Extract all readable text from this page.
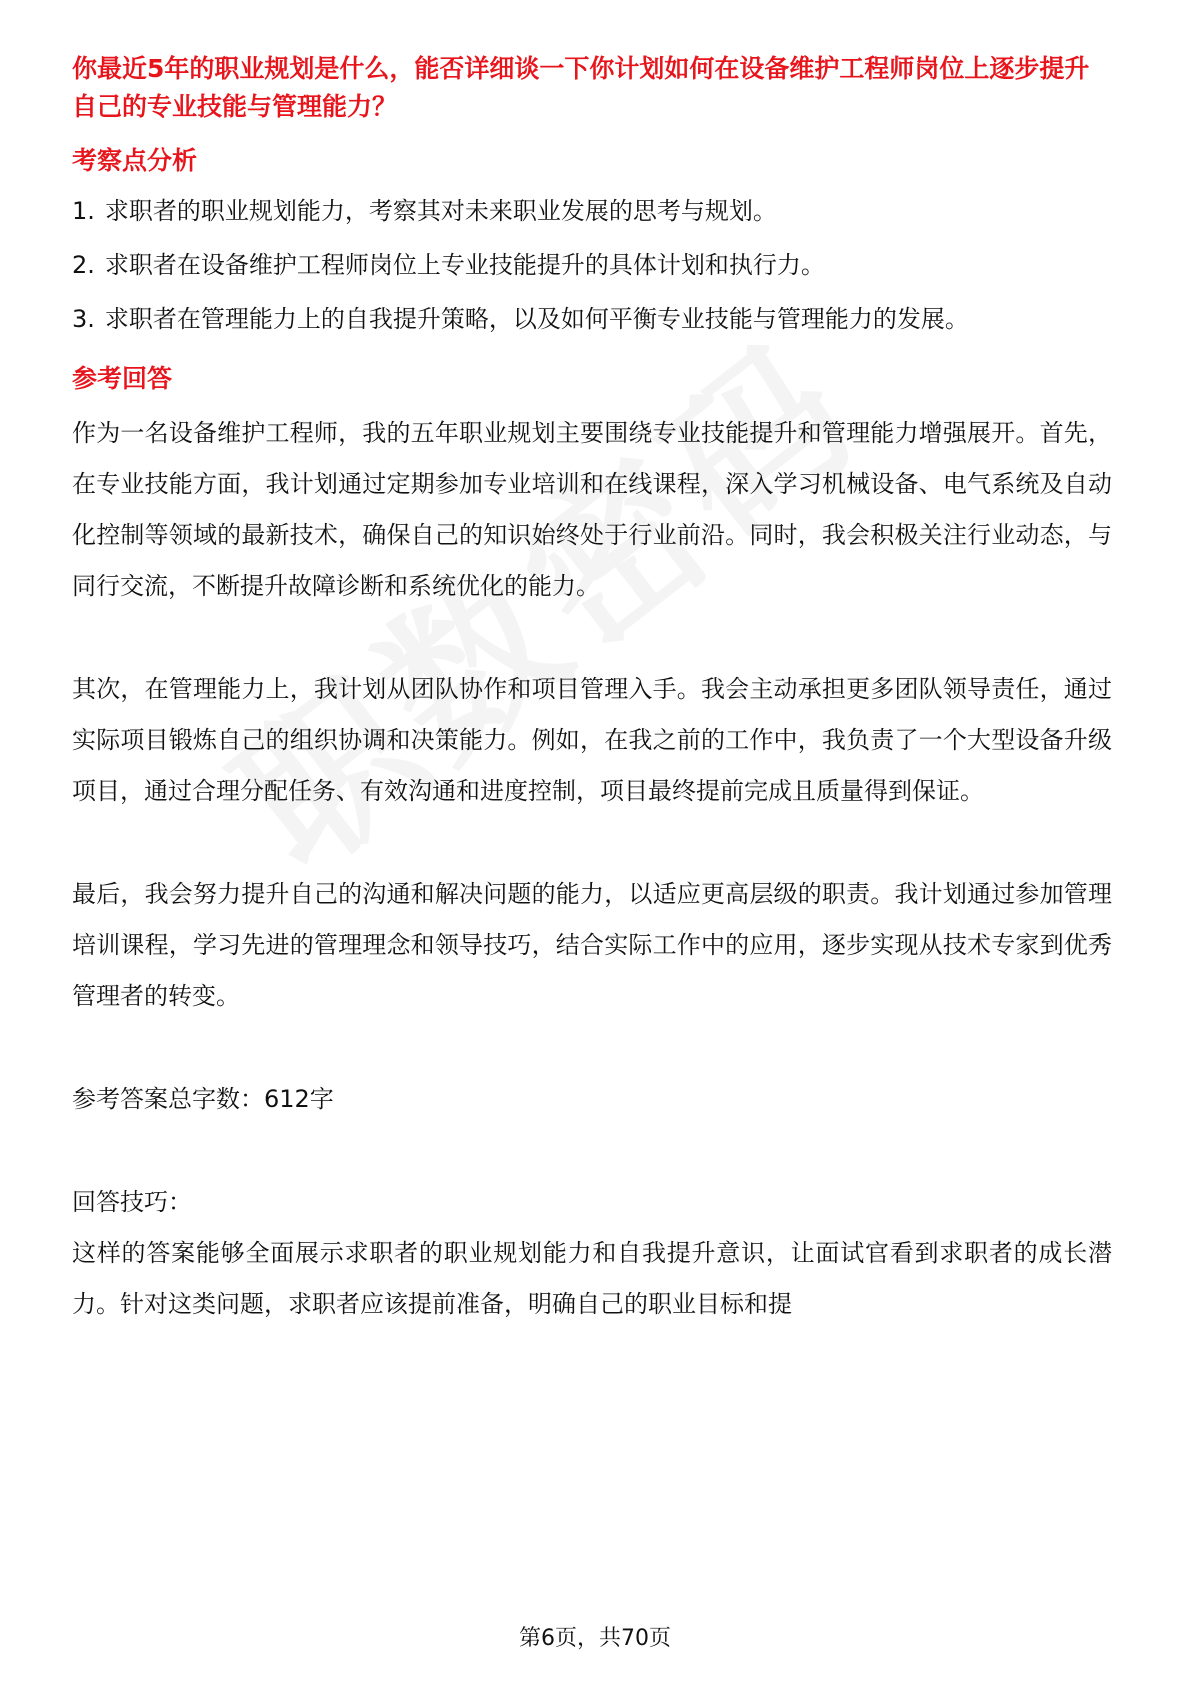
你最近5年的职业规划是什么，能否详细谈一下你计划如何在设备维护工程师岗位上逐步提升自己的专业技能与管理能力？
考察点分析
1. 求职者的职业规划能力，考察其对未来职业发展的思考与规划。
2. 求职者在设备维护工程师岗位上专业技能提升的具体计划和执行力。
3. 求职者在管理能力上的自我提升策略，以及如何平衡专业技能与管理能力的发展。
参考回答

作为一名设备维护工程师，我的五年职业规划主要围绕专业技能提升和管理能力增强展开。首先，在专业技能方面，我计划通过定期参加专业培训和在线课程，深入学习机械设备、电气系统及自动化控制等领域的最新技术，确保自己的知识始终处于行业前沿。同时，我会积极关注行业动态，与同行交流，不断提升故障诊断和系统优化的能力。

其次，在管理能力上，我计划从团队协作和项目管理入手。我会主动承担更多团队领导责任，通过实际项目锻炼自己的组织协调和决策能力。例如，在我之前的工作中，我负责了一个大型设备升级项目，通过合理分配任务、有效沟通和进度控制，项目最终提前完成且质量得到保证。

最后，我会努力提升自己的沟通和解决问题的能力，以适应更高层级的职责。我计划通过参加管理培训课程，学习先进的管理理念和领导技巧，结合实际工作中的应用，逐步实现从技术专家到优秀管理者的转变。

参考答案总字数：612字

回答技巧：

这样的答案能够全面展示求职者的职业规划能力和自我提升意识，让面试官看到求职者的成长潜力。针对这类问题，求职者应该提前准备，明确自己的职业目标和提

第6页，共70页
